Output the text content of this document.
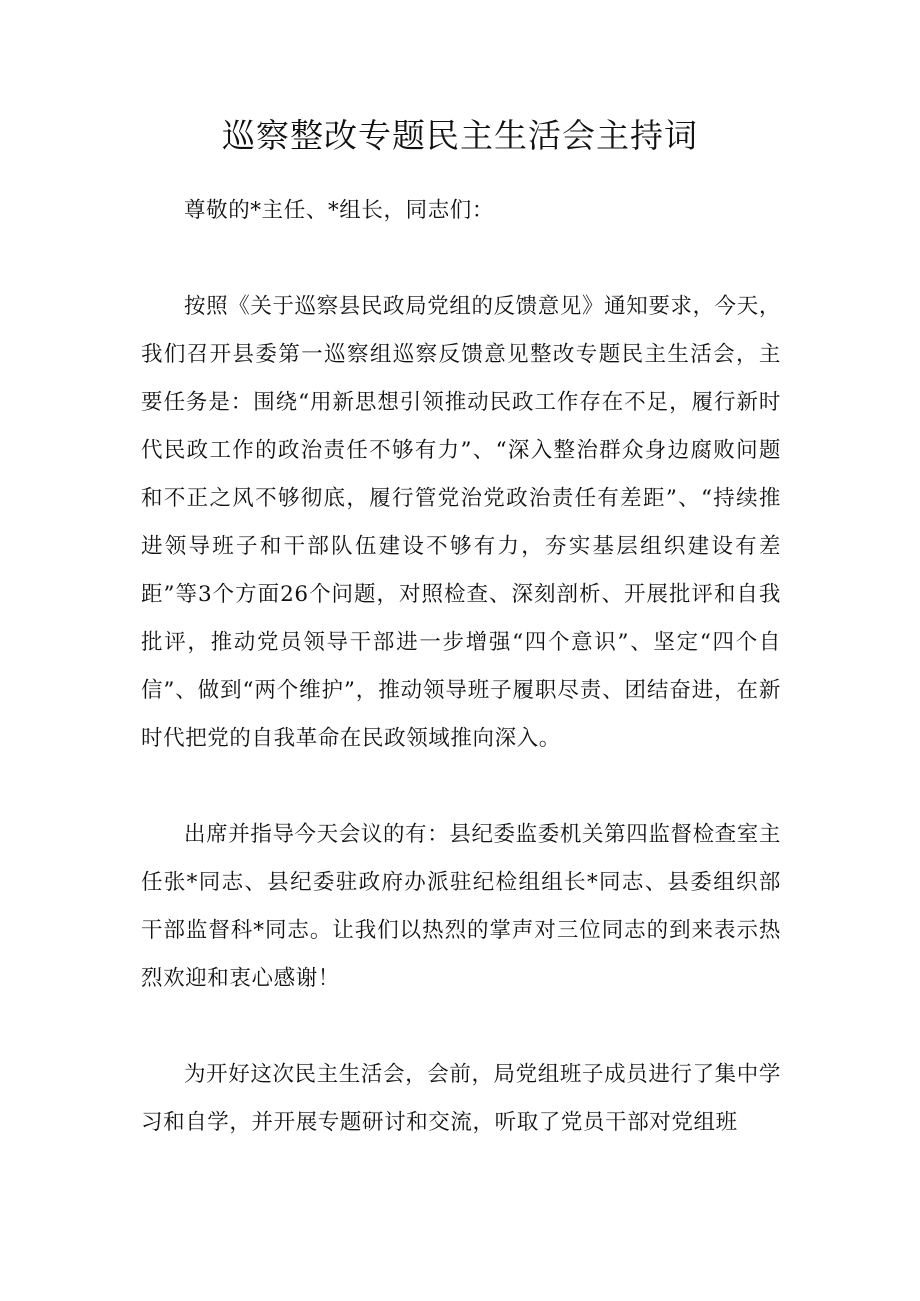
巡察整改专题民主生活会主持词

尊敬的*主任、*组长，同志们：

按照《关于巡察县民政局党组的反馈意见》通知要求，今天，我们召开县委第一巡察组巡察反馈意见整改专题民主生活会，主要任务是：围绕“用新思想引领推动民政工作存在不足，履行新时代民政工作的政治责任不够有力”、“深入整治群众身边腐败问题和不正之风不够彻底，履行管党治党政治责任有差距”、“持续推进领导班子和干部队伍建设不够有力，夯实基层组织建设有差距”等3个方面26个问题，对照检查、深刻剖析、开展批评和自我批评，推动党员领导干部进一步增强“四个意识”、坚定“四个自信”、做到“两个维护”，推动领导班子履职尽责、团结奋进，在新时代把党的自我革命在民政领域推向深入。

出席并指导今天会议的有：县纪委监委机关第四监督检查室主任张*同志、县纪委驻政府办派驻纪检组组长*同志、县委组织部干部监督科*同志。让我们以热烈的掌声对三位同志的到来表示热烈欢迎和衷心感谢！

为开好这次民主生活会，会前，局党组班子成员进行了集中学习和自学，并开展专题研讨和交流，听取了党员干部对党组班
